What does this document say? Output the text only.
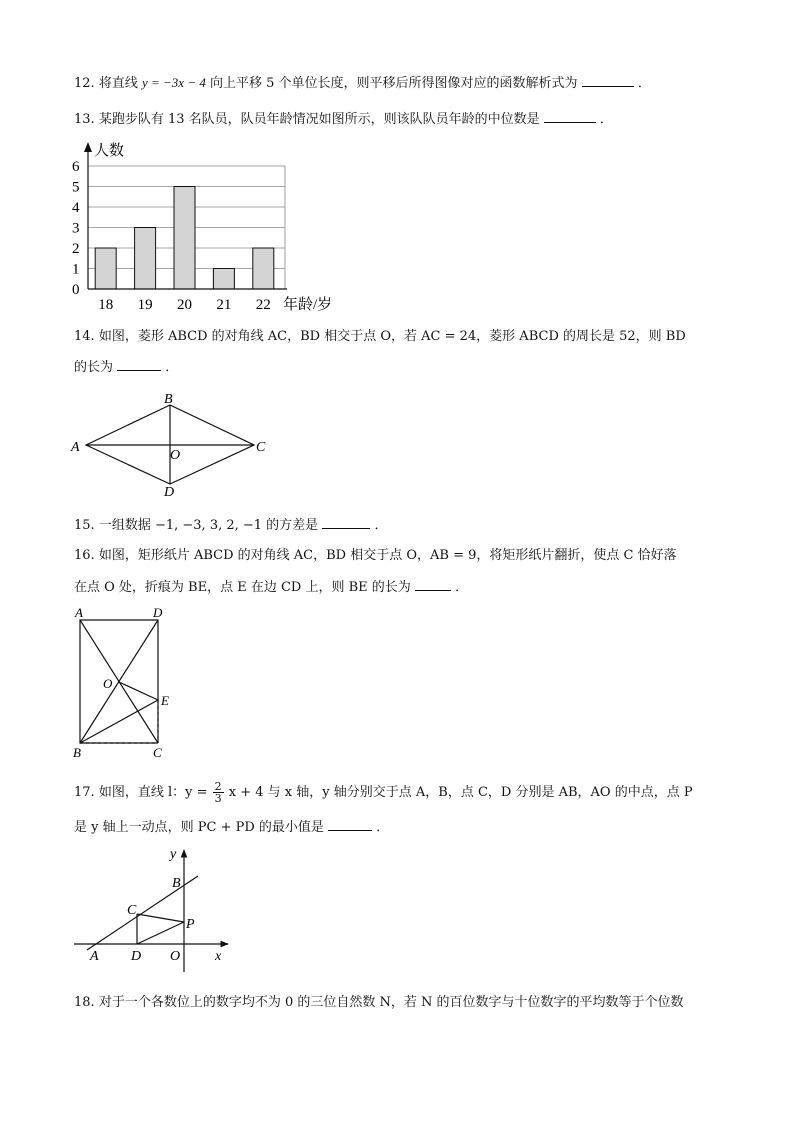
12. 将直线 y = −3x − 4 向上平移 5 个单位长度，则平移后所得图像对应的函数解析式为	．
13. 某跑步队有 13 名队员，队员年龄情况如图所示，则该队队员年龄的中位数是	．
0
1
2
3
4
5
6
18 19 20 21 22
人数
年龄/岁
14. 如图，菱形 ABCD 的对角线 AC，BD 相交于点 O，若 AC = 24，菱形 ABCD 的周长是 52，则 BD
的长为	．
A
B
C
D
O
15. 一组数据 −1, −3, 3, 2, −1 的方差是	．
16. 如图，矩形纸片 ABCD 的对角线 AC，BD 相交于点 O，AB = 9，将矩形纸片翻折，使点 C 恰好落
在点 O 处，折痕为 BE，点 E 在边 CD 上，则 BE 的长为	．
A	D
O
E
B	C
17. 如图，直线 l：$y = \frac{2}{3}$ x + 4 与 x 轴，y 轴分别交于点 A，B，点 C，D 分别是 AB，AO 的中点，点 P
是 y 轴上一动点，则 PC + PD 的最小值是	．
y
B
C
P
A D O x
18. 对于一个各数位上的数字均不为 0 的三位自然数 N，若 N 的百位数字与十位数字的平均数等于个位数
